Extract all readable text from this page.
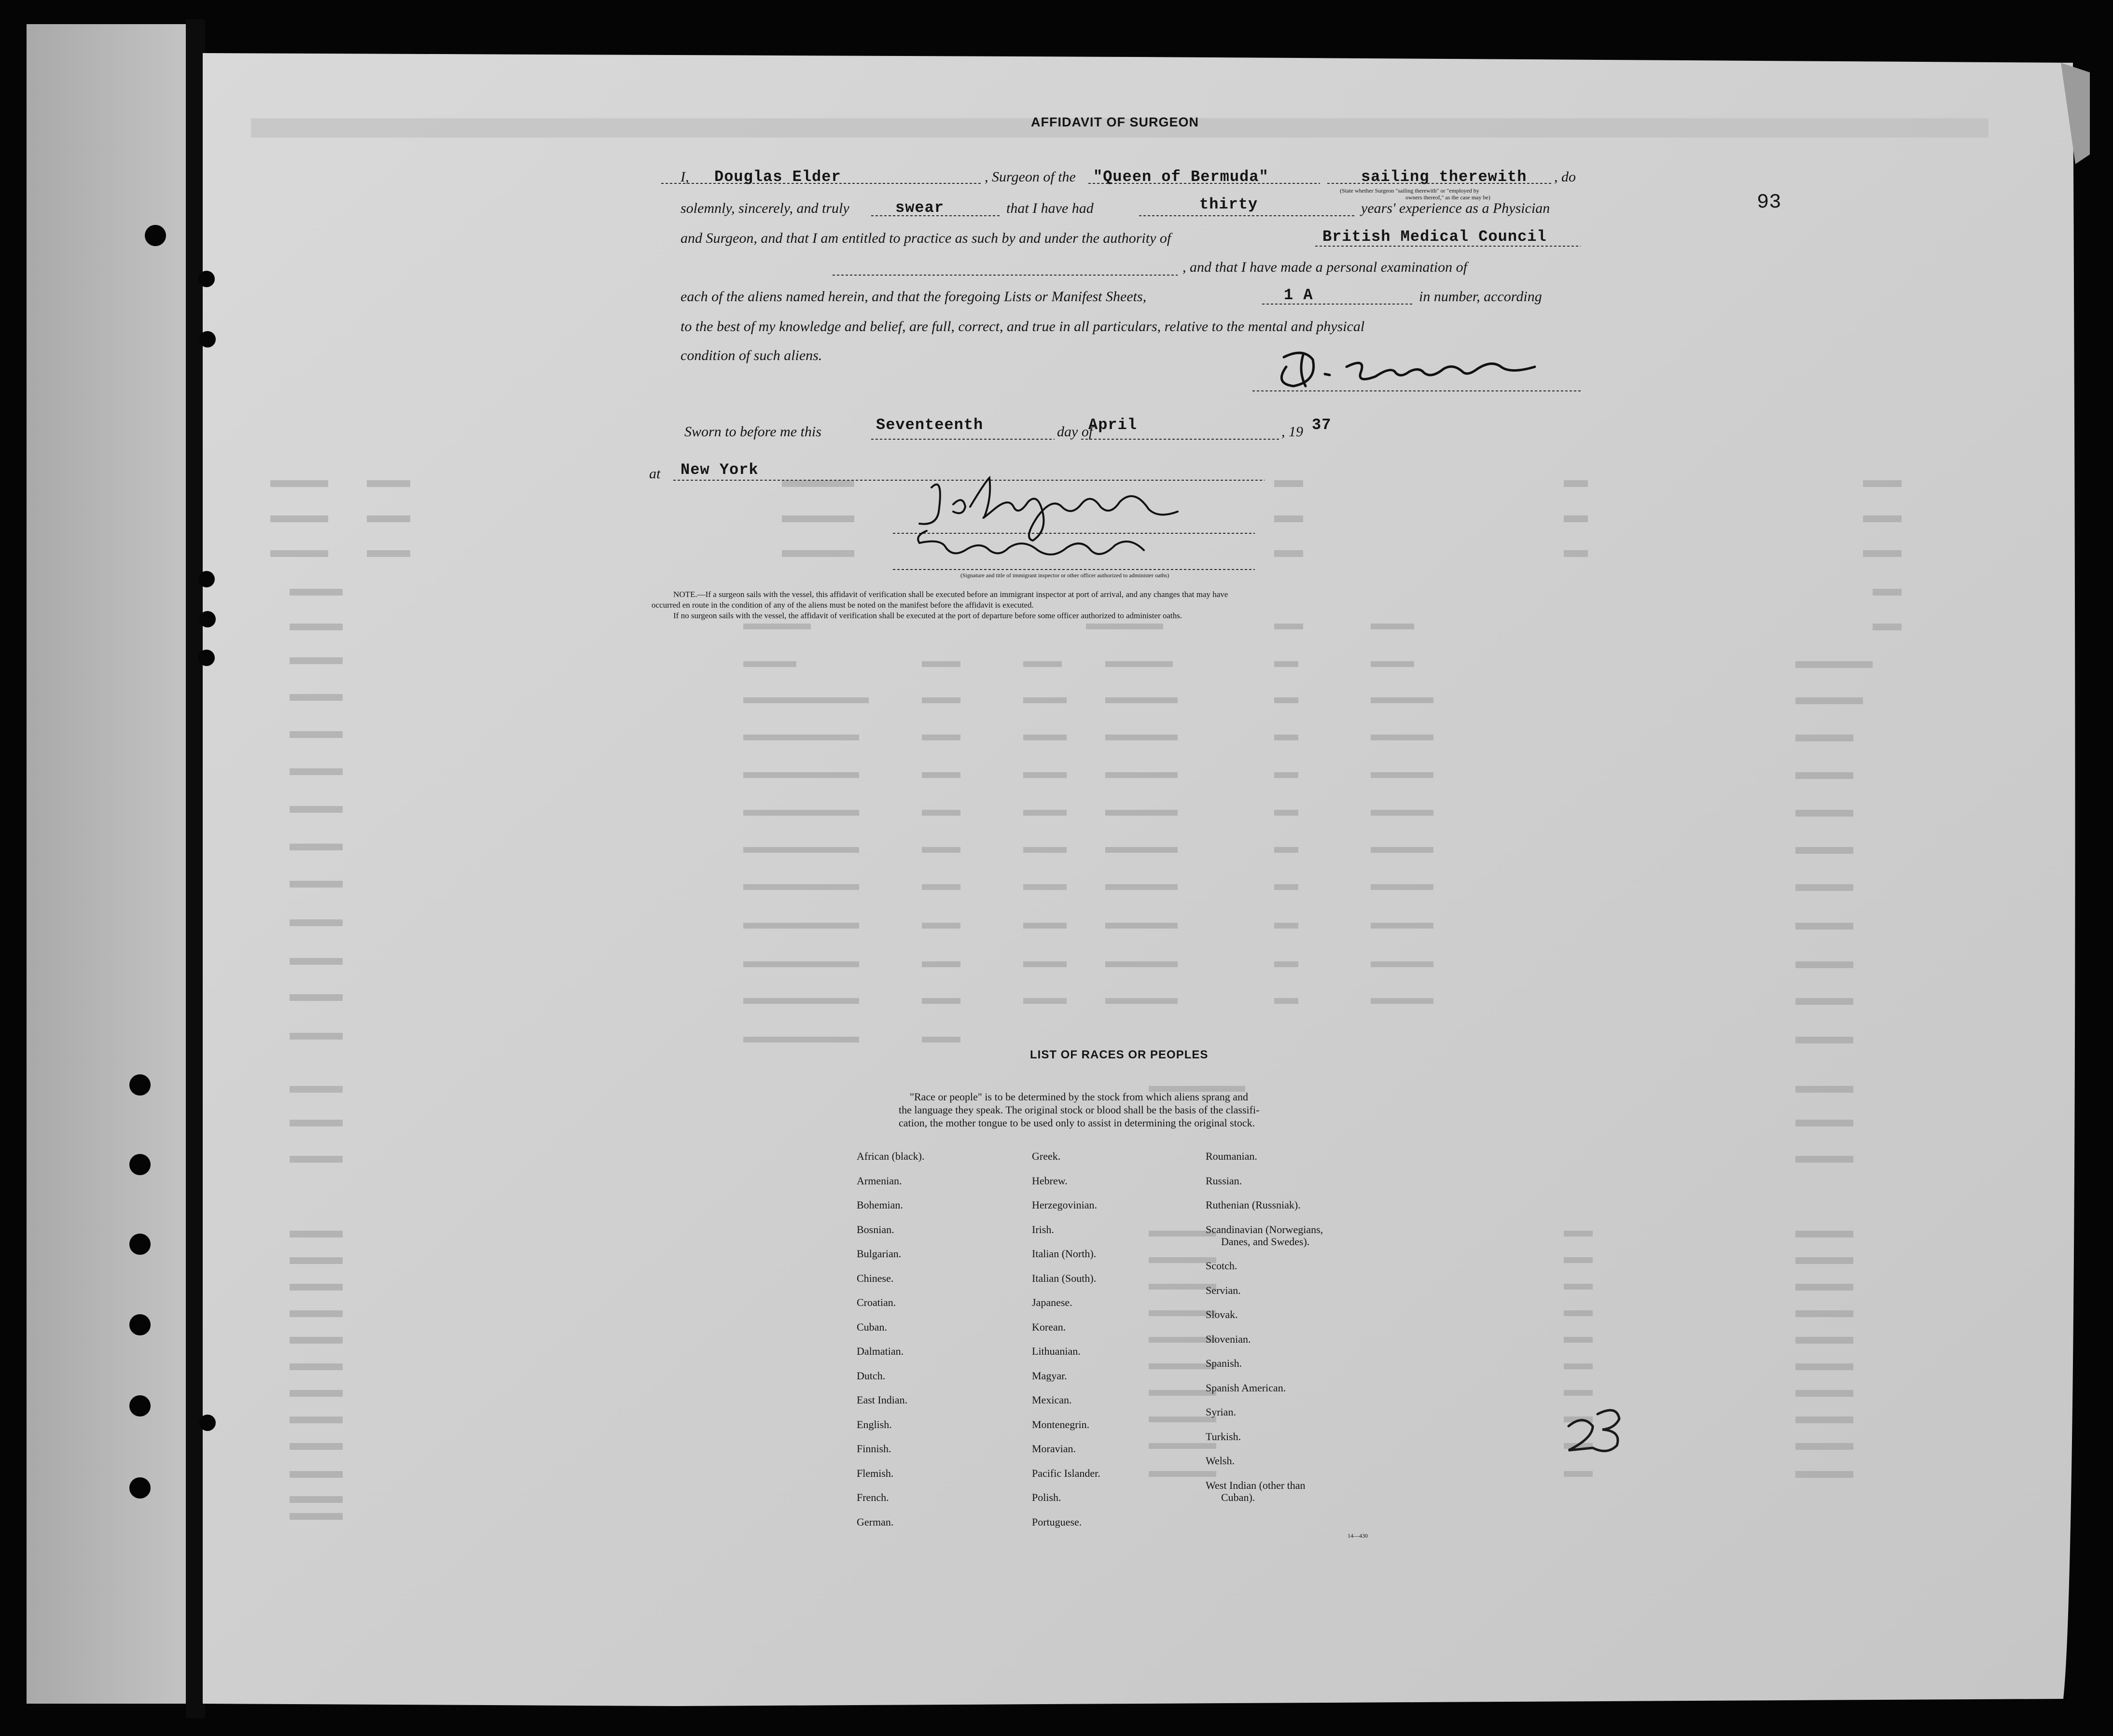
AFFIDAVIT OF SURGEON
I, Douglas Elder	, Surgeon of the "Queen of Bermuda"	sailing therewith , do
(State whether Surgeon "sailing therewith" or "employed by
owners thereof," as the case may be)
solemnly, sincerely, and truly	swear	that I have had	thirty	years' experience as a Physician
and Surgeon, and that I am entitled to practice as such by and under the authority of	British Medical Council
, and that I have made a personal examination of
each of the aliens named herein, and that the foregoing Lists or Manifest Sheets,	1 A	in number, according
to the best of my knowledge and belief, are full, correct, and true in all particulars, relative to the mental and physical
condition of such aliens.
Sworn to before me this	Seventeenth	day of
April	, 19 37
at New York
(Signature and title of immigrant inspector or other officer authorized to administer oaths)
NOTE.—If a surgeon sails with the vessel, this affidavit of verification shall be executed before an immigrant inspector at port of arrival, and any changes that may have
occurred en route in the condition of any of the aliens must be noted on the manifest before the affidavit is executed.
If no surgeon sails with the vessel, the affidavit of verification shall be executed at the port of departure before some officer authorized to administer oaths.
93
LIST OF RACES OR PEOPLES
"Race or people" is to be determined by the stock from which aliens sprang and
the language they speak. The original stock or blood shall be the basis of the classifi-
cation, the mother tongue to be used only to assist in determining the original stock.
African (black).
Armenian.
Bohemian.
Bosnian.
Bulgarian.
Chinese.
Croatian.
Cuban.
Dalmatian.
Dutch.
East Indian.
English.
Finnish.
Flemish.
French.
German.
Greek.
Hebrew.
Herzegovinian.
Irish.
Italian (North).
Italian (South).
Japanese.
Korean.
Lithuanian.
Magyar.
Mexican.
Montenegrin.
Moravian.
Pacific Islander.
Polish.
Portuguese.
Roumanian.
Russian.
Ruthenian (Russniak).
Scandinavian (Norwegians,
Danes, and Swedes).
Scotch.
Servian.
Slovak.
Slovenian.
Spanish.
Spanish American.
Syrian.
Turkish.
Welsh.
West Indian (other than
Cuban).
14—430
